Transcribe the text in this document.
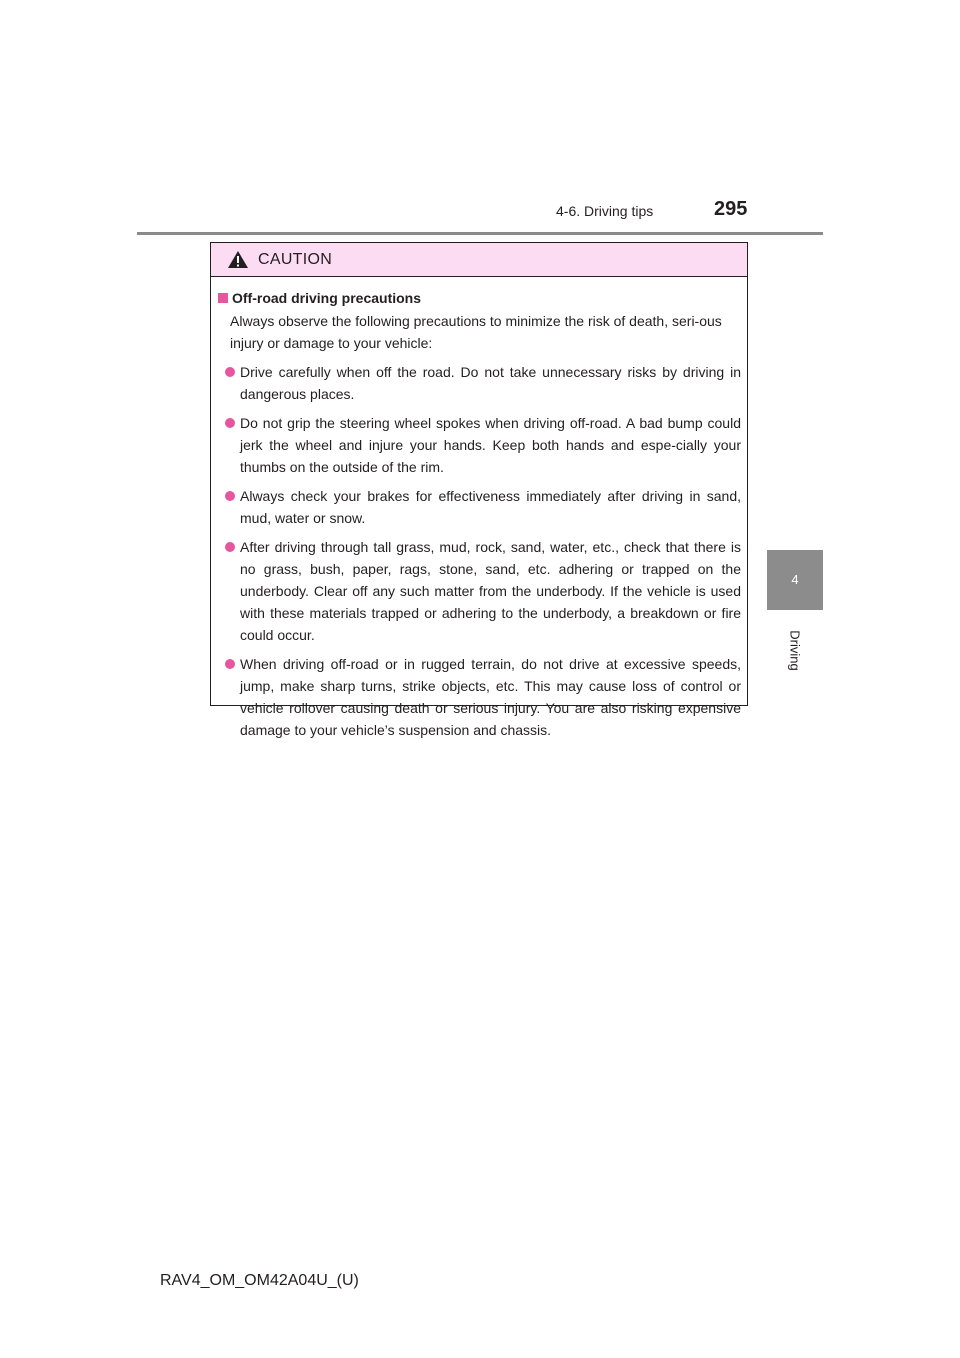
4-6. Driving tips	295
4
Driving
CAUTION
Off-road driving precautions
Always observe the following precautions to minimize the risk of death, seri-ous injury or damage to your vehicle:
Drive carefully when off the road. Do not take unnecessary risks by driving in dangerous places.
Do not grip the steering wheel spokes when driving off-road. A bad bump could jerk the wheel and injure your hands. Keep both hands and espe-cially your thumbs on the outside of the rim.
Always check your brakes for effectiveness immediately after driving in sand, mud, water or snow.
After driving through tall grass, mud, rock, sand, water, etc., check that there is no grass, bush, paper, rags, stone, sand, etc. adhering or trapped on the underbody. Clear off any such matter from the underbody. If the vehicle is used with these materials trapped or adhering to the underbody, a breakdown or fire could occur.
When driving off-road or in rugged terrain, do not drive at excessive speeds, jump, make sharp turns, strike objects, etc. This may cause loss of control or vehicle rollover causing death or serious injury. You are also risking expensive damage to your vehicle’s suspension and chassis.
RAV4_OM_OM42A04U_(U)
